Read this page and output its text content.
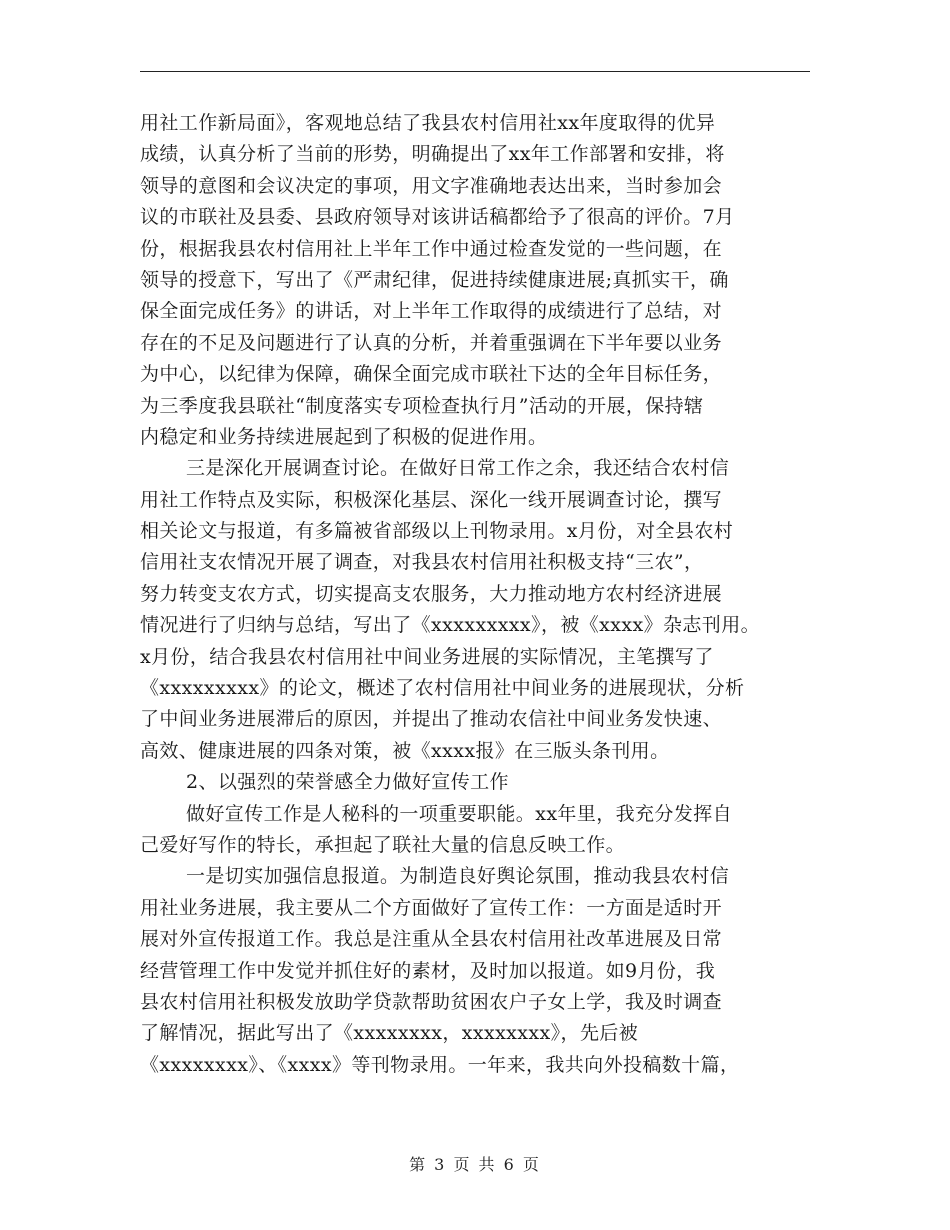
用社工作新局面》，客观地总结了我县农村信用社xx年度取得的优异
成绩，认真分析了当前的形势，明确提出了xx年工作部署和安排，将
领导的意图和会议决定的事项，用文字准确地表达出来，当时参加会
议的市联社及县委、县政府领导对该讲话稿都给予了很高的评价。7月
份，根据我县农村信用社上半年工作中通过检查发觉的一些问题，在
领导的授意下，写出了《严肃纪律，促进持续健康进展;真抓实干，确
保全面完成任务》的讲话，对上半年工作取得的成绩进行了总结，对
存在的不足及问题进行了认真的分析，并着重强调在下半年要以业务
为中心，以纪律为保障，确保全面完成市联社下达的全年目标任务，
为三季度我县联社“制度落实专项检查执行月”活动的开展，保持辖
内稳定和业务持续进展起到了积极的促进作用。
三是深化开展调查讨论。在做好日常工作之余，我还结合农村信
用社工作特点及实际，积极深化基层、深化一线开展调查讨论，撰写
相关论文与报道，有多篇被省部级以上刊物录用。x月份，对全县农村
信用社支农情况开展了调查，对我县农村信用社积极支持“三农”，
努力转变支农方式，切实提高支农服务，大力推动地方农村经济进展
情况进行了归纳与总结，写出了《xxxxxxxxx》，被《xxxx》杂志刊用。
x月份，结合我县农村信用社中间业务进展的实际情况，主笔撰写了
《xxxxxxxxx》的论文，概述了农村信用社中间业务的进展现状，分析
了中间业务进展滞后的原因，并提出了推动农信社中间业务发快速、
高效、健康进展的四条对策，被《xxxx报》在三版头条刊用。
2、以强烈的荣誉感全力做好宣传工作
做好宣传工作是人秘科的一项重要职能。xx年里，我充分发挥自
己爱好写作的特长，承担起了联社大量的信息反映工作。
一是切实加强信息报道。为制造良好舆论氛围，推动我县农村信
用社业务进展，我主要从二个方面做好了宣传工作：一方面是适时开
展对外宣传报道工作。我总是注重从全县农村信用社改革进展及日常
经营管理工作中发觉并抓住好的素材，及时加以报道。如9月份，我
县农村信用社积极发放助学贷款帮助贫困农户子女上学，我及时调查
了解情况，据此写出了《xxxxxxxx，xxxxxxxx》，先后被
《xxxxxxxx》、《xxxx》等刊物录用。一年来，我共向外投稿数十篇，
第 3 页 共 6 页
